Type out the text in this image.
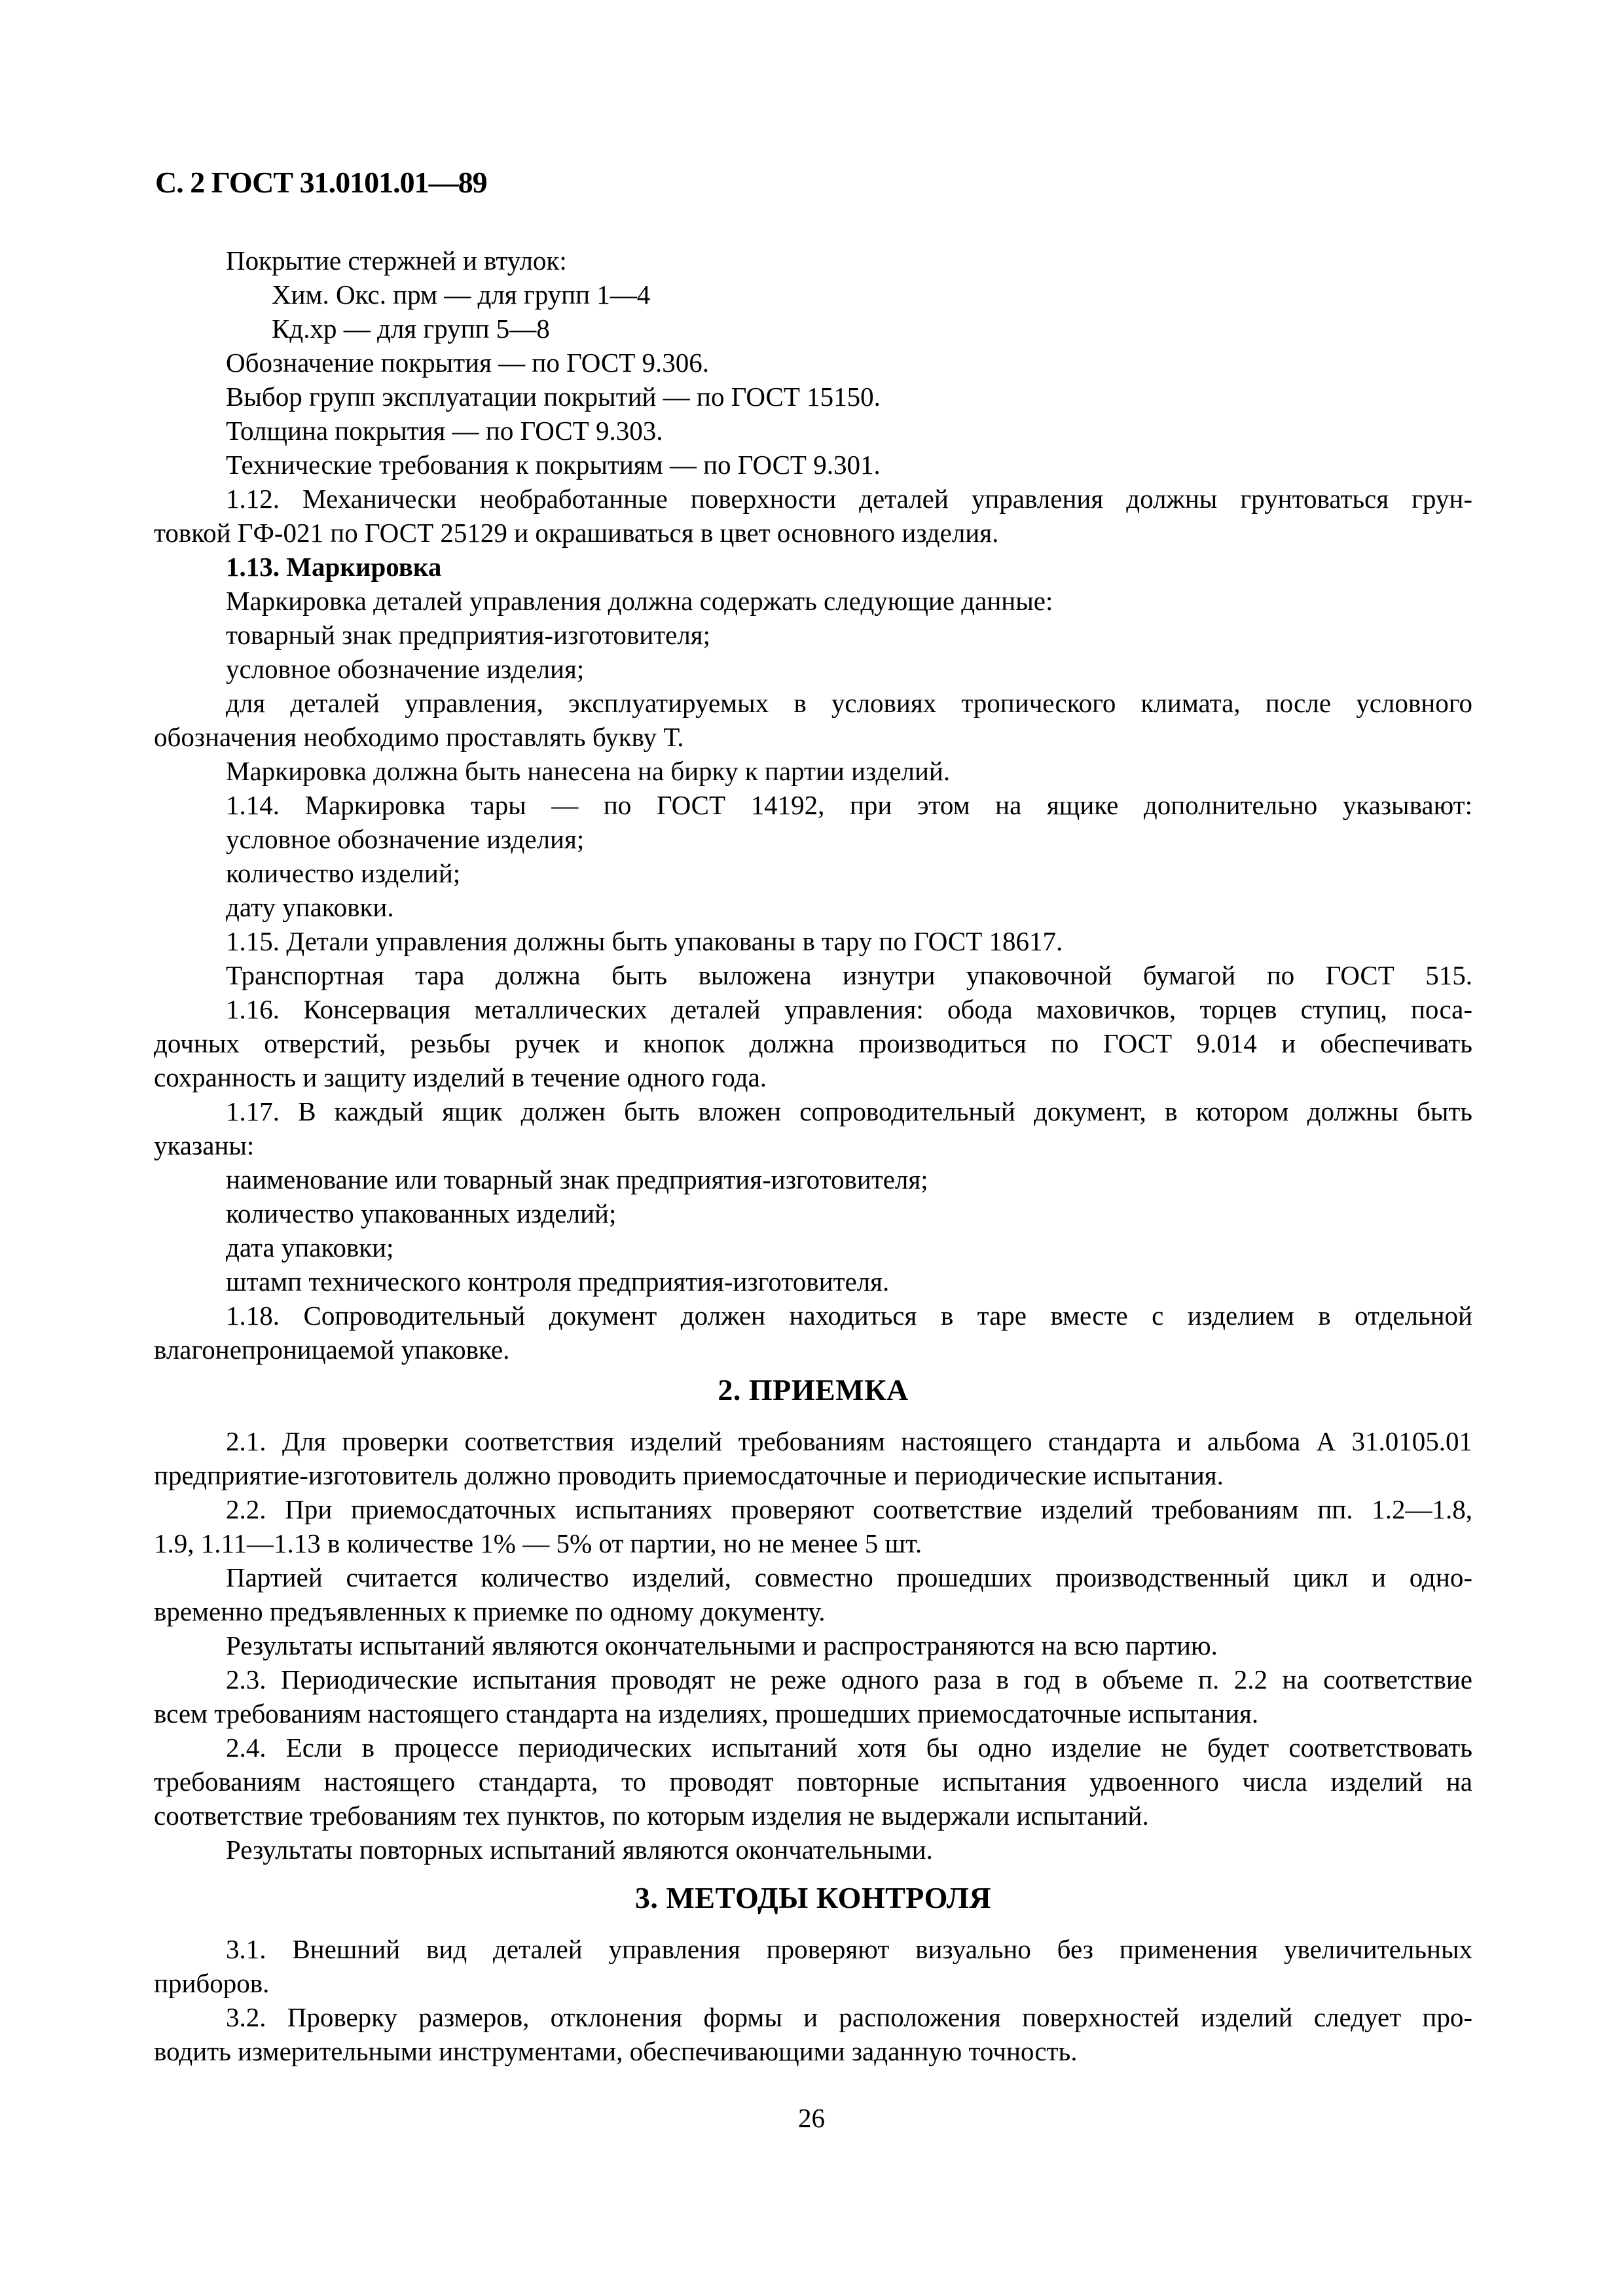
С. 2 ГОСТ 31.0101.01—89
Покрытие стержней и втулок:
Хим. Окс. прм — для групп 1—4
Кд.хр — для групп 5—8
Обозначение покрытия — по ГОСТ 9.306.
Выбор групп эксплуатации покрытий — по ГОСТ 15150.
Толщина покрытия — по ГОСТ 9.303.
Технические требования к покрытиям — по ГОСТ 9.301.
1.12. Механически необработанные поверхности деталей управления должны грунтоваться грун-
товкой ГФ-021 по ГОСТ 25129 и окрашиваться в цвет основного изделия.
1.13. Маркировка
Маркировка деталей управления должна содержать следующие данные:
товарный знак предприятия-изготовителя;
условное обозначение изделия;
для деталей управления, эксплуатируемых в условиях тропического климата, после условного
обозначения необходимо проставлять букву Т.
Маркировка должна быть нанесена на бирку к партии изделий.
1.14. Маркировка тары — по ГОСТ 14192, при этом на ящике дополнительно указывают:
условное обозначение изделия;
количество изделий;
дату упаковки.
1.15. Детали управления должны быть упакованы в тару по ГОСТ 18617.
Транспортная тара должна быть выложена изнутри упаковочной бумагой по ГОСТ 515.
1.16. Консервация металлических деталей управления: обода маховичков, торцев ступиц, поса-
дочных отверстий, резьбы ручек и кнопок должна производиться по ГОСТ 9.014 и обеспечивать
сохранность и защиту изделий в течение одного года.
1.17. В каждый ящик должен быть вложен сопроводительный документ, в котором должны быть
указаны:
наименование или товарный знак предприятия-изготовителя;
количество упакованных изделий;
дата упаковки;
штамп технического контроля предприятия-изготовителя.
1.18. Сопроводительный документ должен находиться в таре вместе с изделием в отдельной
влагонепроницаемой упаковке.
2. ПРИЕМКА
2.1. Для проверки соответствия изделий требованиям настоящего стандарта и альбома А 31.0105.01
предприятие-изготовитель должно проводить приемосдаточные и периодические испытания.
2.2. При приемосдаточных испытаниях проверяют соответствие изделий требованиям пп. 1.2—1.8,
1.9, 1.11—1.13 в количестве 1% — 5% от партии, но не менее 5 шт.
Партией считается количество изделий, совместно прошедших производственный цикл и одно-
временно предъявленных к приемке по одному документу.
Результаты испытаний являются окончательными и распространяются на всю партию.
2.3. Периодические испытания проводят не реже одного раза в год в объеме п. 2.2 на соответствие
всем требованиям настоящего стандарта на изделиях, прошедших приемосдаточные испытания.
2.4. Если в процессе периодических испытаний хотя бы одно изделие не будет соответствовать
требованиям настоящего стандарта, то проводят повторные испытания удвоенного числа изделий на
соответствие требованиям тех пунктов, по которым изделия не выдержали испытаний.
Результаты повторных испытаний являются окончательными.
3. МЕТОДЫ КОНТРОЛЯ
3.1. Внешний вид деталей управления проверяют визуально без применения увеличительных
приборов.
3.2. Проверку размеров, отклонения формы и расположения поверхностей изделий следует про-
водить измерительными инструментами, обеспечивающими заданную точность.
26
